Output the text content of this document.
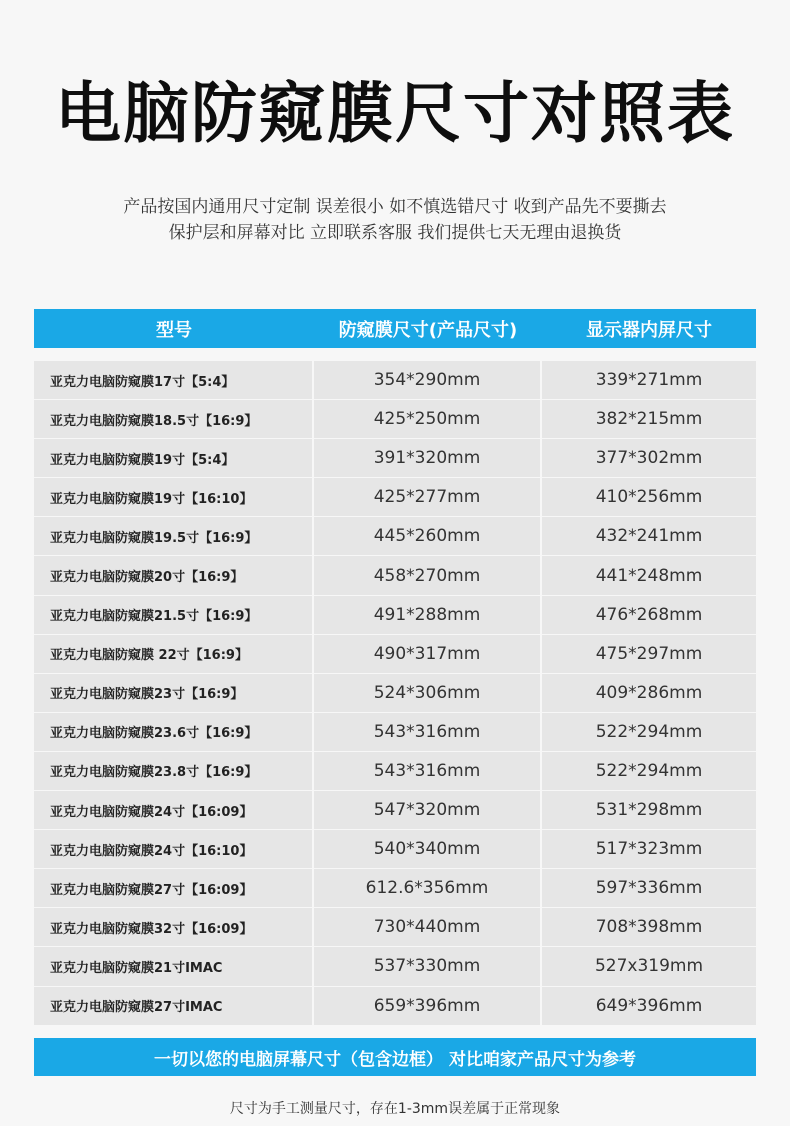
电脑防窥膜尺寸对照表
产品按国内通用尺寸定制 误差很小 如不慎选错尺寸 收到产品先不要撕去
保护层和屏幕对比 立即联系客服 我们提供七天无理由退换货
型号	防窥膜尺寸(产品尺寸)	显示器内屏尺寸
亚克力电脑防窥膜17寸【5:4】	354*290mm	339*271mm
亚克力电脑防窥膜18.5寸【16:9】	425*250mm	382*215mm
亚克力电脑防窥膜19寸【5:4】	391*320mm	377*302mm
亚克力电脑防窥膜19寸【16:10】	425*277mm	410*256mm
亚克力电脑防窥膜19.5寸【16:9】	445*260mm	432*241mm
亚克力电脑防窥膜20寸【16:9】	458*270mm	441*248mm
亚克力电脑防窥膜21.5寸【16:9】	491*288mm	476*268mm
亚克力电脑防窥膜 22寸【16:9】	490*317mm	475*297mm
亚克力电脑防窥膜23寸【16:9】	524*306mm	409*286mm
亚克力电脑防窥膜23.6寸【16:9】	543*316mm	522*294mm
亚克力电脑防窥膜23.8寸【16:9】	543*316mm	522*294mm
亚克力电脑防窥膜24寸【16:09】	547*320mm	531*298mm
亚克力电脑防窥膜24寸【16:10】	540*340mm	517*323mm
亚克力电脑防窥膜27寸【16:09】	612.6*356mm	597*336mm
亚克力电脑防窥膜32寸【16:09】	730*440mm	708*398mm
亚克力电脑防窥膜21寸IMAC	537*330mm	527x319mm
亚克力电脑防窥膜27寸IMAC	659*396mm	649*396mm
一切以您的电脑屏幕尺寸（包含边框） 对比咱家产品尺寸为参考
尺寸为手工测量尺寸，存在1-3mm误差属于正常现象
